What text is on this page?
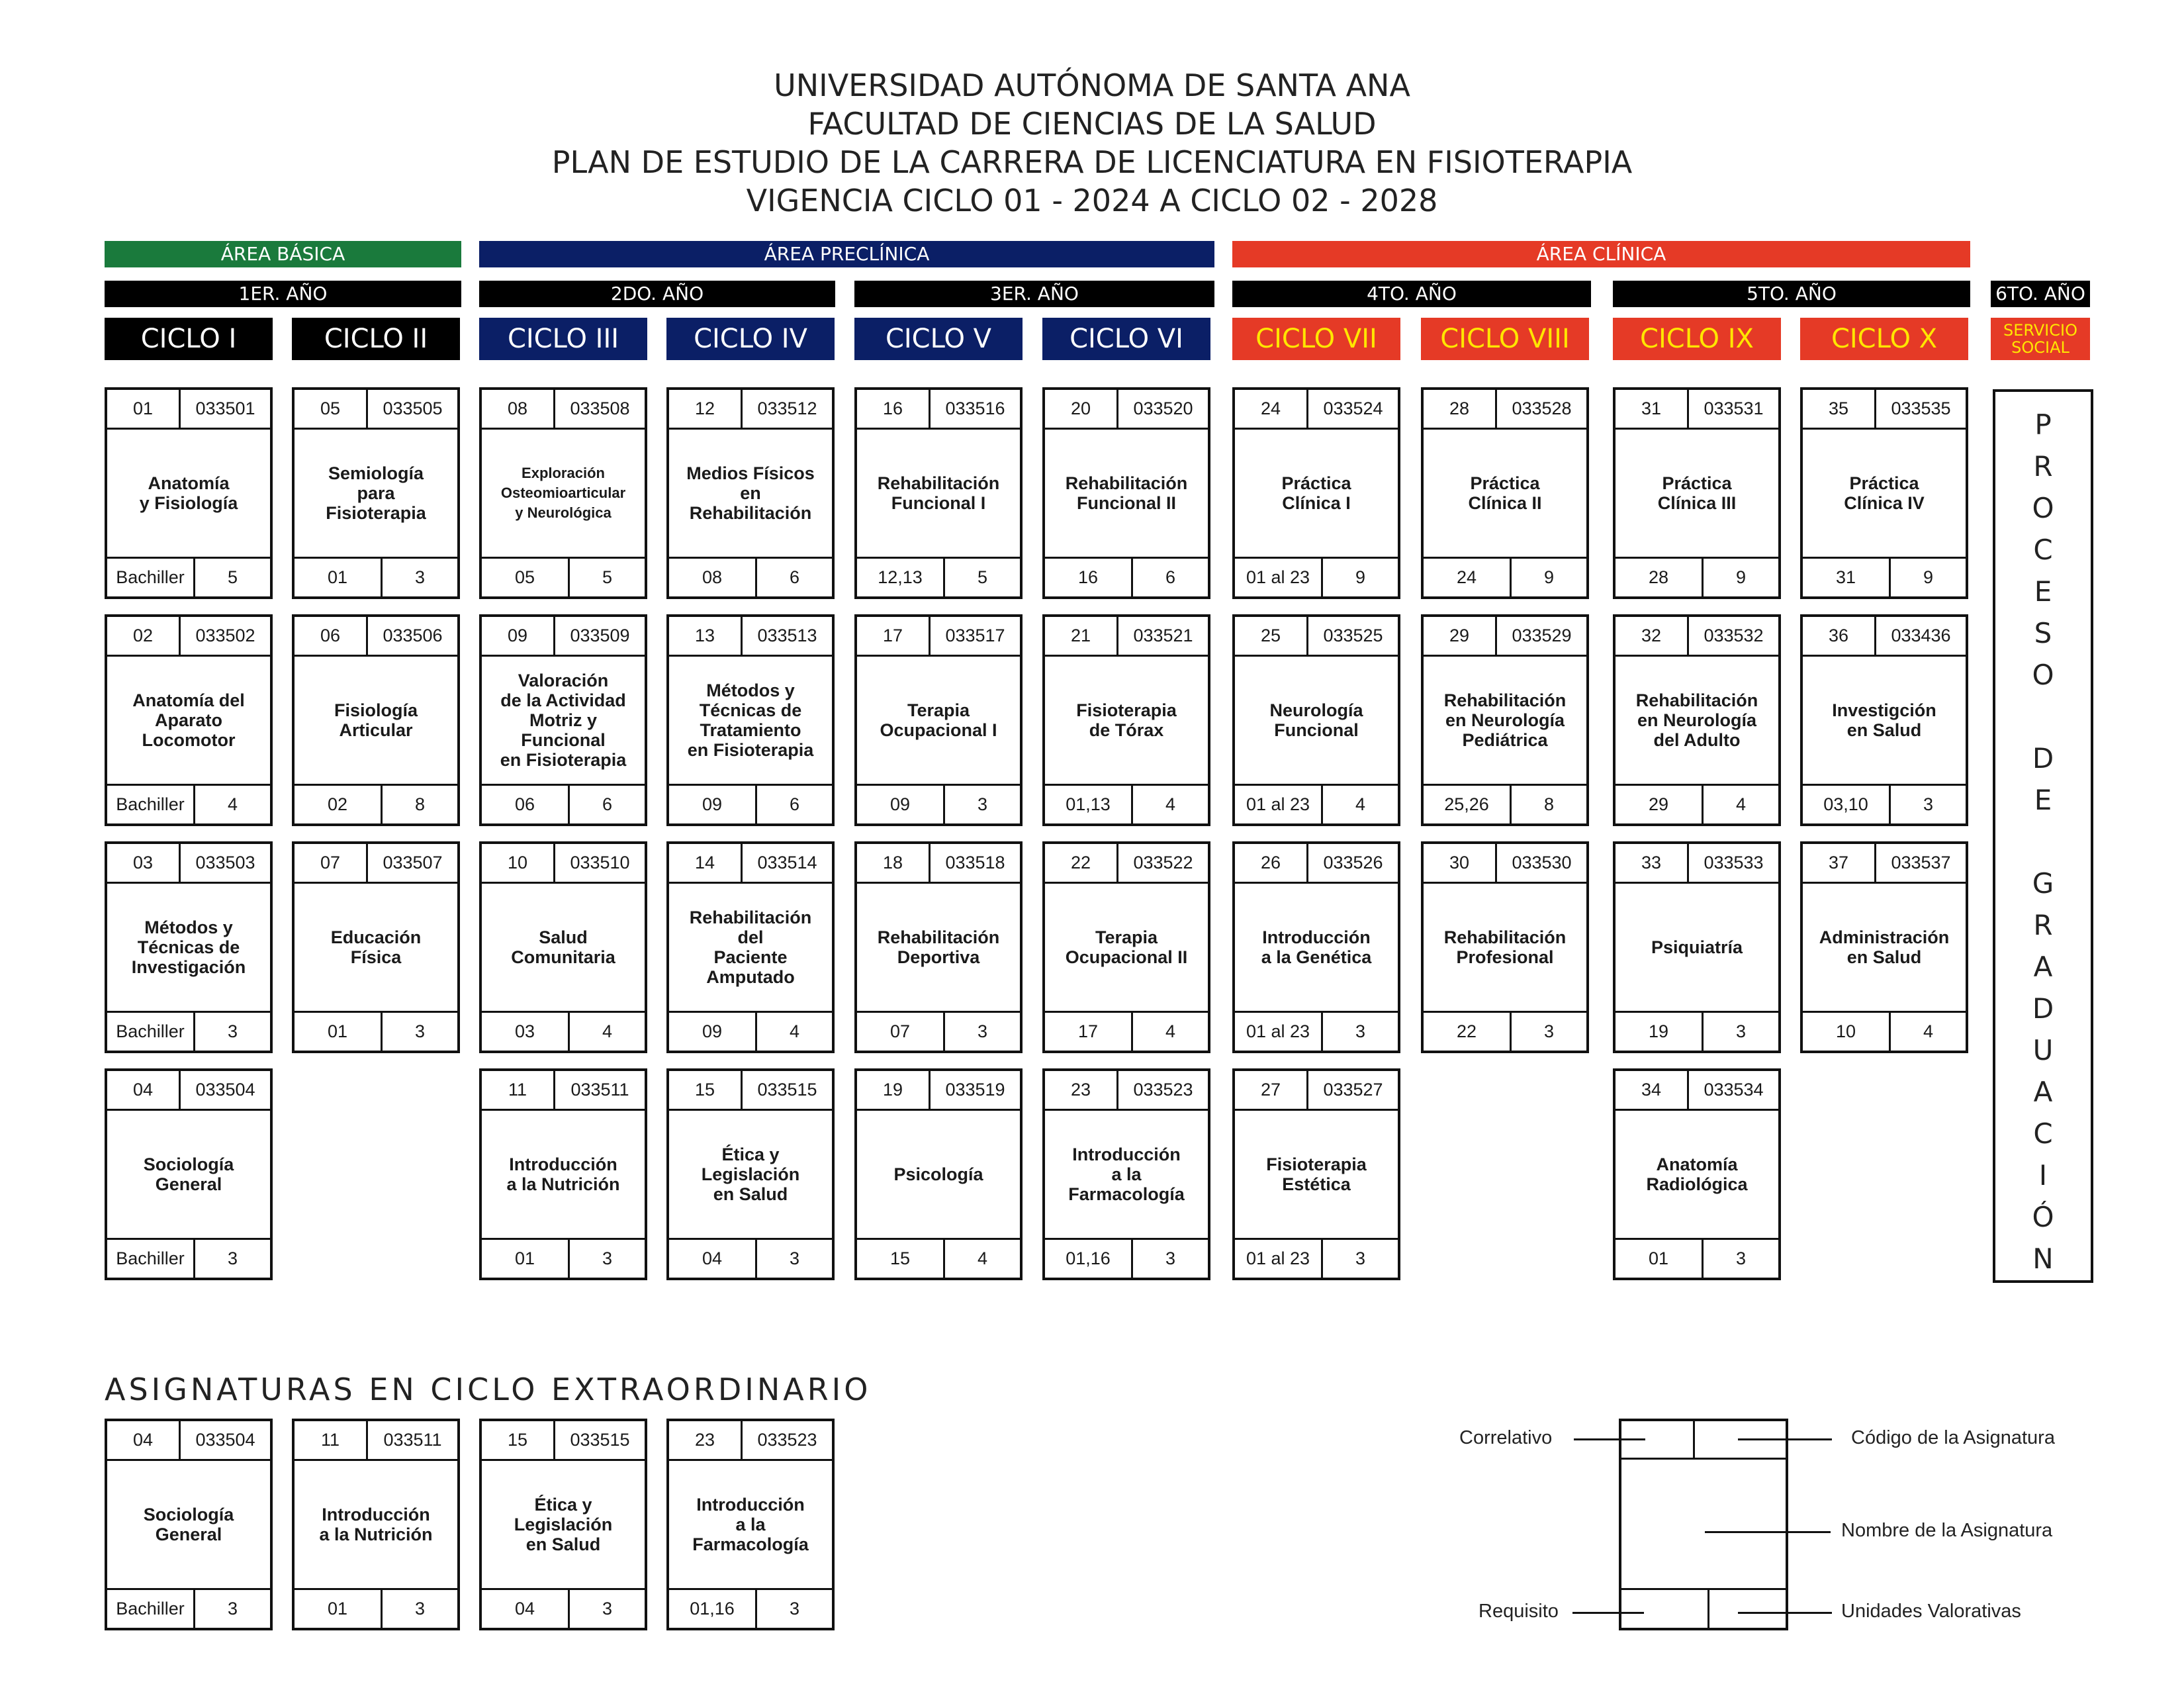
UNIVERSIDAD AUTÓNOMA DE SANTA ANA
FACULTAD DE CIENCIAS DE LA SALUD
PLAN DE ESTUDIO DE LA CARRERA DE LICENCIATURA EN FISIOTERAPIA
VIGENCIA CICLO 01 - 2024 A CICLO 02 - 2028
ÁREA BÁSICA	ÁREA PRECLÍNICA	ÁREA CLÍNICA
1ER. AÑO	2DO. AÑO	3ER. AÑO	4TO. AÑO	5TO. AÑO	6TO. AÑO
CICLO I	CICLO II	CICLO III	CICLO IV	CICLO V	CICLO VI	CICLO VII	CICLO VIII	CICLO IX	CICLO X	SERVICIO
SOCIAL
01	033501
Anatomía
y Fisiología
Bachiller	5
02	033502
Anatomía del
Aparato
Locomotor
Bachiller	4
03	033503
Métodos y
Técnicas de
Investigación
Bachiller	3
04	033504
Sociología
General
Bachiller	3
05	033505
Semiología
para
Fisioterapia
01	3
06	033506
Fisiología
Articular
02	8
07	033507
Educación
Física
01	3
08	033508
Exploración
Osteomioarticular
y Neurológica
05	5
09	033509
Valoración
de la Actividad
Motriz y
Funcional
en Fisioterapia
06	6
10	033510
Salud
Comunitaria
03	4
11	033511
Introducción
a la Nutrición
01	3
12	033512
Medios Físicos
en
Rehabilitación
08	6
13	033513
Métodos y
Técnicas de
Tratamiento
en Fisioterapia
09	6
14	033514
Rehabilitación
del
Paciente
Amputado
09	4
15	033515
Ética y
Legislación
en Salud
04	3
16	033516
Rehabilitación
Funcional I
12,13	5
17	033517
Terapia
Ocupacional I
09	3
18	033518
Rehabilitación
Deportiva
07	3
19	033519
Psicología
15	4
20	033520
Rehabilitación
Funcional II
16	6
21	033521
Fisioterapia
de Tórax
01,13	4
22	033522
Terapia
Ocupacional II
17	4
23	033523
Introducción
a la
Farmacología
01,16	3
24	033524
Práctica
Clínica I
01 al 23	9
25	033525
Neurología
Funcional
01 al 23	4
26	033526
Introducción
a la Genética
01 al 23	3
27	033527
Fisioterapia
Estética
01 al 23	3
28	033528
Práctica
Clínica II
24	9
29	033529
Rehabilitación
en Neurología
Pediátrica
25,26	8
30	033530
Rehabilitación
Profesional
22	3
31	033531
Práctica
Clínica III
28	9
32	033532
Rehabilitación
en Neurología
del Adulto
29	4
33	033533
Psiquiatría
19	3
34	033534
Anatomía
Radiológica
01	3
35	033535
Práctica
Clínica IV
31	9
36	033436
Investigción
en Salud
03,10	3
37	033537
Administración
en Salud
10	4
P
R
O
C
E
S
O
D
E
G
R
A
D
U
A
C
I
Ó
N
ASIGNATURAS EN CICLO EXTRAORDINARIO
04	033504
Sociología
General
Bachiller	3
11	033511
Introducción
a la Nutrición
01	3
15	033515
Ética y
Legislación
en Salud
04	3
23	033523
Introducción
a la
Farmacología
01,16	3
Correlativo	Código de la Asignatura
Nombre de la Asignatura
Requisito	Unidades Valorativas
